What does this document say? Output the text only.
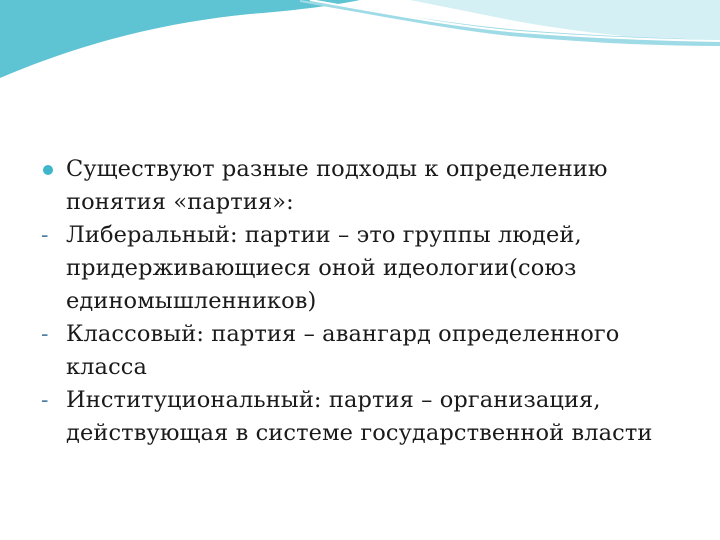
Существуют разные подходы к определению понятия «партия»:
- Либеральный: партии – это группы людей, придерживающиеся оной идеологии(союз единомышленников)
- Классовый: партия – авангард определенного класса
- Институциональный: партия – организация, действующая в системе государственной власти
